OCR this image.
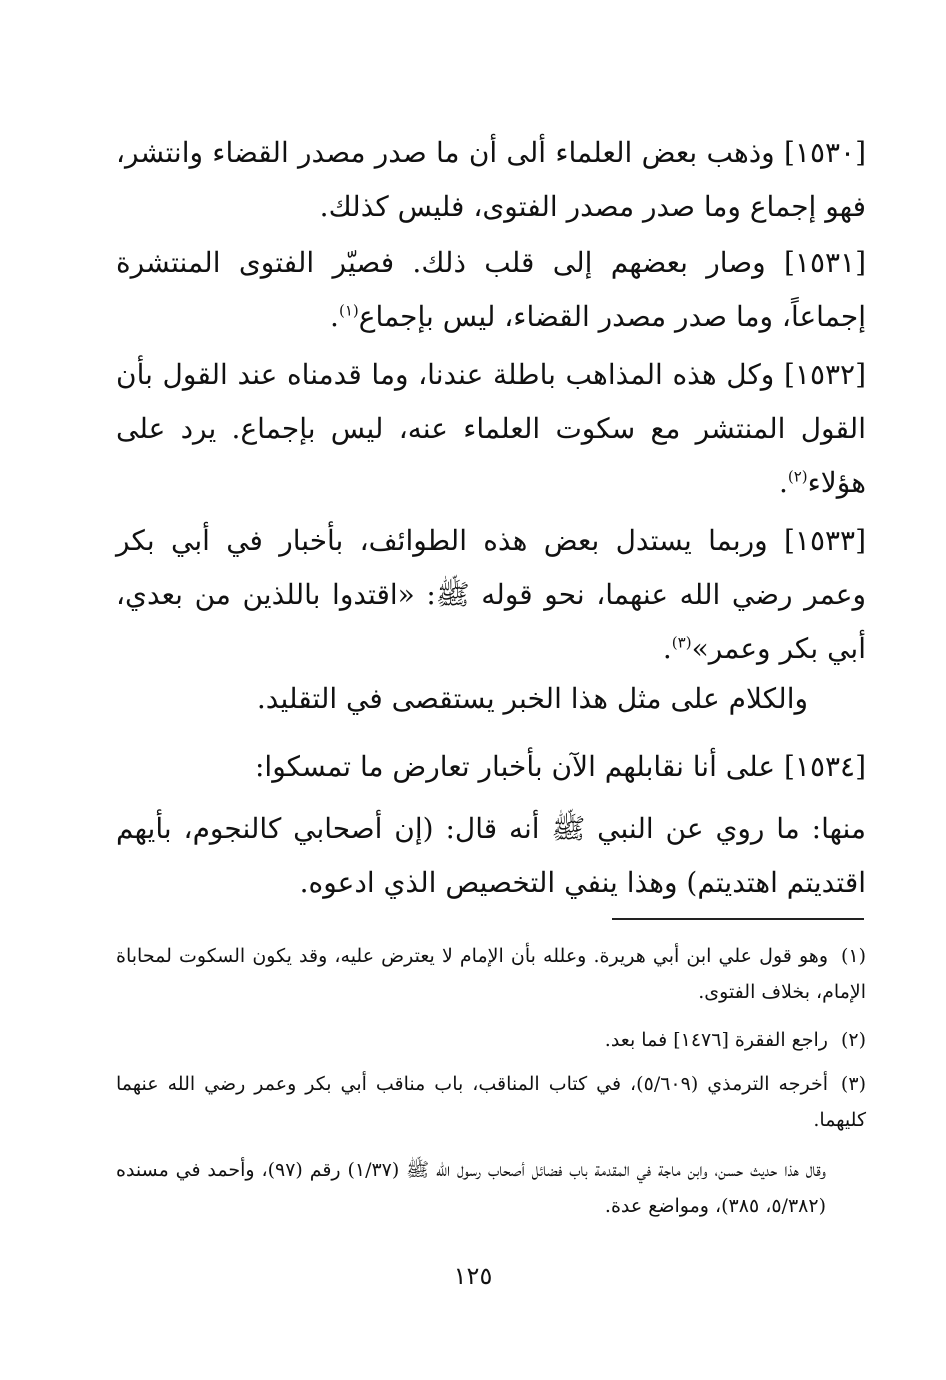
[١٥٣٠] وذهب بعض العلماء ألى أن ما صدر مصدر القضاء وانتشر، فهو إجماع وما صدر مصدر الفتوى، فليس كذلك.

[١٥٣١] وصار بعضهم إلى قلب ذلك. فصيّر الفتوى المنتشرة إجماعاً، وما صدر مصدر القضاء، ليس بإجماع$^{(١)}$.

[١٥٣٢] وكل هذه المذاهب باطلة عندنا، وما قدمناه عند القول بأن القول المنتشر مع سكوت العلماء عنه، ليس بإجماع. يرد على هؤلاء$^{(٢)}$.

[١٥٣٣] وربما يستدل بعض هذه الطوائف، بأخبار في أبي بكر وعمر رضي الله عنهما، نحو قوله ﷺ: «اقتدوا باللذين من بعدي، أبي بكر وعمر»$^{(٣)}$.

والكلام على مثل هذا الخبر يستقصى في التقليد.

[١٥٣٤] على أنا نقابلهم الآن بأخبار تعارض ما تمسكوا:

منها: ما روي عن النبي ﷺ أنه قال: (إن أصحابي كالنجوم، بأيهم اقتديتم اهتديتم) وهذا ينفي التخصيص الذي ادعوه.

(١)وهو قول علي ابن أبي هريرة. وعلله بأن الإمام لا يعترض عليه، وقد يكون السكوت لمحاباة الإمام، بخلاف الفتوى.

(٢)راجع الفقرة [١٤٧٦] فما بعد.

(٣)أخرجه الترمذي (٥/٦٠٩)، في كتاب المناقب، باب مناقب أبي بكر وعمر رضي الله عنهما كليهما.

وقال هذا حديث حسن، وابن ماجة في المقدمة باب فضائل أصحاب رسول الله ﷺ (١/٣٧) رقم (٩٧)، وأحمد في مسنده (٥/٣٨٢، ٣٨٥)، ومواضع عدة.

١٢٥
